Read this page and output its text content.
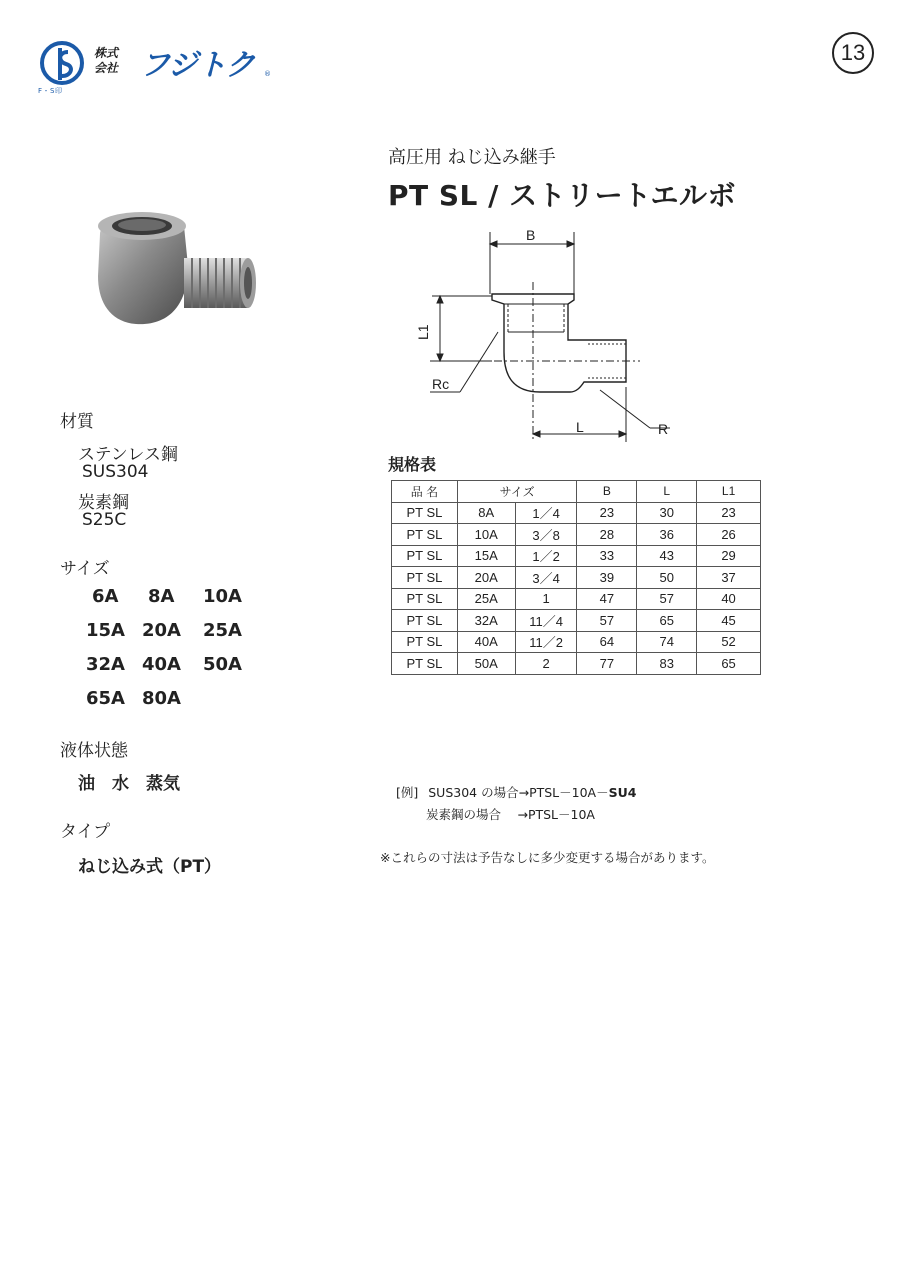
F・S印
株式
会社 フジトク ®
13
高圧用 ねじ込み継手
PT SL / ストリートエルボ
材質
ステンレス鋼
SUS304
炭素鋼
S25C
サイズ
6A 8A 10A
15A 20A 25A
32A 40A 50A
65A 80A
液体状態
油　水　蒸気
タイプ
ねじ込み式（PT）
B
L1
Rc
L	R
規格表
品 名	サイズ		B	L	L1
PT SL	8A	1／4	23	30	23
PT SL	10A	3／8	28	36	26
PT SL	15A	1／2	33	43	29
PT SL	20A	3／4	39	50	37
PT SL	25A	1	47	57	40
PT SL	32A	11／4	57	65	45
PT SL	40A	11／2	64	74	52
PT SL	50A	2	77	83	65
[例] SUS304 の場合→PTSL－10A－SU4
炭素鋼の場合　 →PTSL－10A
※これらの寸法は予告なしに多少変更する場合があります。
